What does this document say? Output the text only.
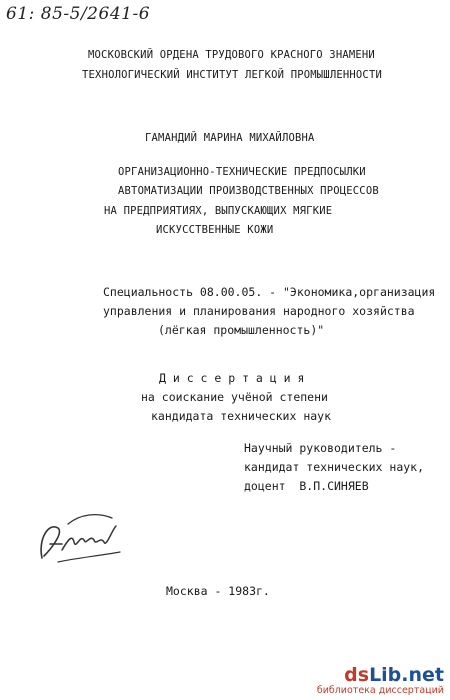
61: 85-5/2641-6
МОСКОВСКИЙ ОРДЕНА ТРУДОВОГО КРАСНОГО ЗНАМЕНИ
ТЕХНОЛОГИЧЕСКИЙ ИНСТИТУТ ЛЕГКОЙ ПРОМЫШЛЕННОСТИ
ГАМАНДИЙ МАРИНА МИХАЙЛОВНА
ОРГАНИЗАЦИОННО-ТЕХНИЧЕСКИЕ ПРЕДПОСЫЛКИ
АВТОМАТИЗАЦИИ ПРОИЗВОДСТВЕННЫХ ПРОЦЕССОВ
НА ПРЕДПРИЯТИЯХ, ВЫПУСКАЮЩИХ МЯГКИЕ
ИСКУССТВЕННЫЕ КОЖИ
Специальность 08.00.05. - "Экономика,организация
управления и планирования народного хозяйства
(лёгкая промышленность)"
Д и с с е р т а ц и я
на соискание учёной степени
кандидата технических наук
Научный руководитель -
кандидат технических наук,
доцент  В.П.СИНЯЕВ
Москва - 1983г.
dsLib.net
библиотека диссертаций
